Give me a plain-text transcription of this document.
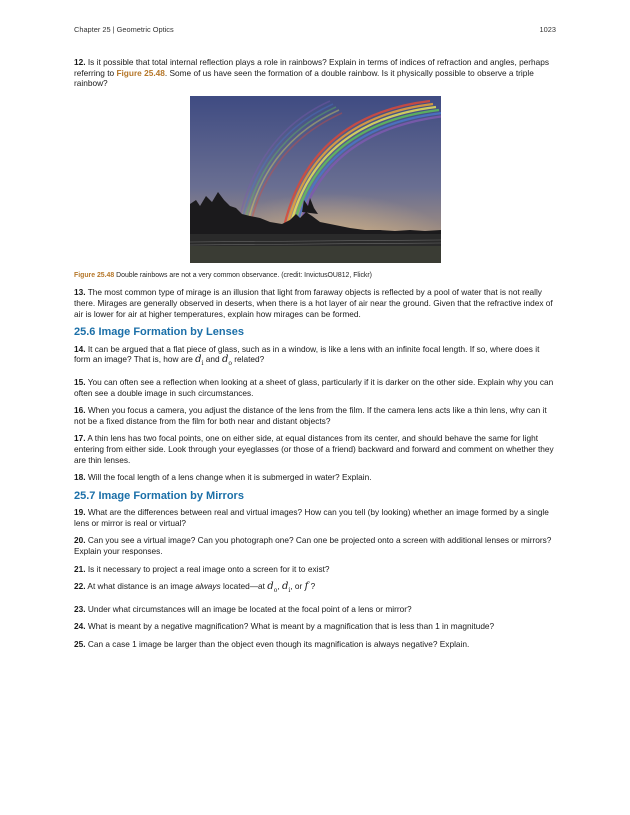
Chapter 25 | Geometric Optics	1023

12. Is it possible that total internal reflection plays a role in rainbows? Explain in terms of indices of refraction and angles, perhaps referring to Figure 25.48. Some of us have seen the formation of a double rainbow. Is it physically possible to observe a triple rainbow?

Figure 25.48 Double rainbows are not a very common observance. (credit: InvictusOU812, Flickr)

13. The most common type of mirage is an illusion that light from faraway objects is reflected by a pool of water that is not really there. Mirages are generally observed in deserts, when there is a hot layer of air near the ground. Given that the refractive index of air is lower for air at higher temperatures, explain how mirages can be formed.

25.6 Image Formation by Lenses

14. It can be argued that a flat piece of glass, such as in a window, is like a lens with an infinite focal length. If so, where does it form an image? That is, how are $d_i$ and $d_o$ related?

15. You can often see a reflection when looking at a sheet of glass, particularly if it is darker on the other side. Explain why you can often see a double image in such circumstances.

16. When you focus a camera, you adjust the distance of the lens from the film. If the camera lens acts like a thin lens, why can it not be a fixed distance from the film for both near and distant objects?

17. A thin lens has two focal points, one on either side, at equal distances from its center, and should behave the same for light entering from either side. Look through your eyeglasses (or those of a friend) backward and forward and comment on whether they are thin lenses.

18. Will the focal length of a lens change when it is submerged in water? Explain.

25.7 Image Formation by Mirrors

19. What are the differences between real and virtual images? How can you tell (by looking) whether an image formed by a single lens or mirror is real or virtual?

20. Can you see a virtual image? Can you photograph one? Can one be projected onto a screen with additional lenses or mirrors? Explain your responses.

21. Is it necessary to project a real image onto a screen for it to exist?

22. At what distance is an image always located—at $d_o$, $d_i$, or f ?

23. Under what circumstances will an image be located at the focal point of a lens or mirror?

24. What is meant by a negative magnification? What is meant by a magnification that is less than 1 in magnitude?

25. Can a case 1 image be larger than the object even though its magnification is always negative? Explain.
